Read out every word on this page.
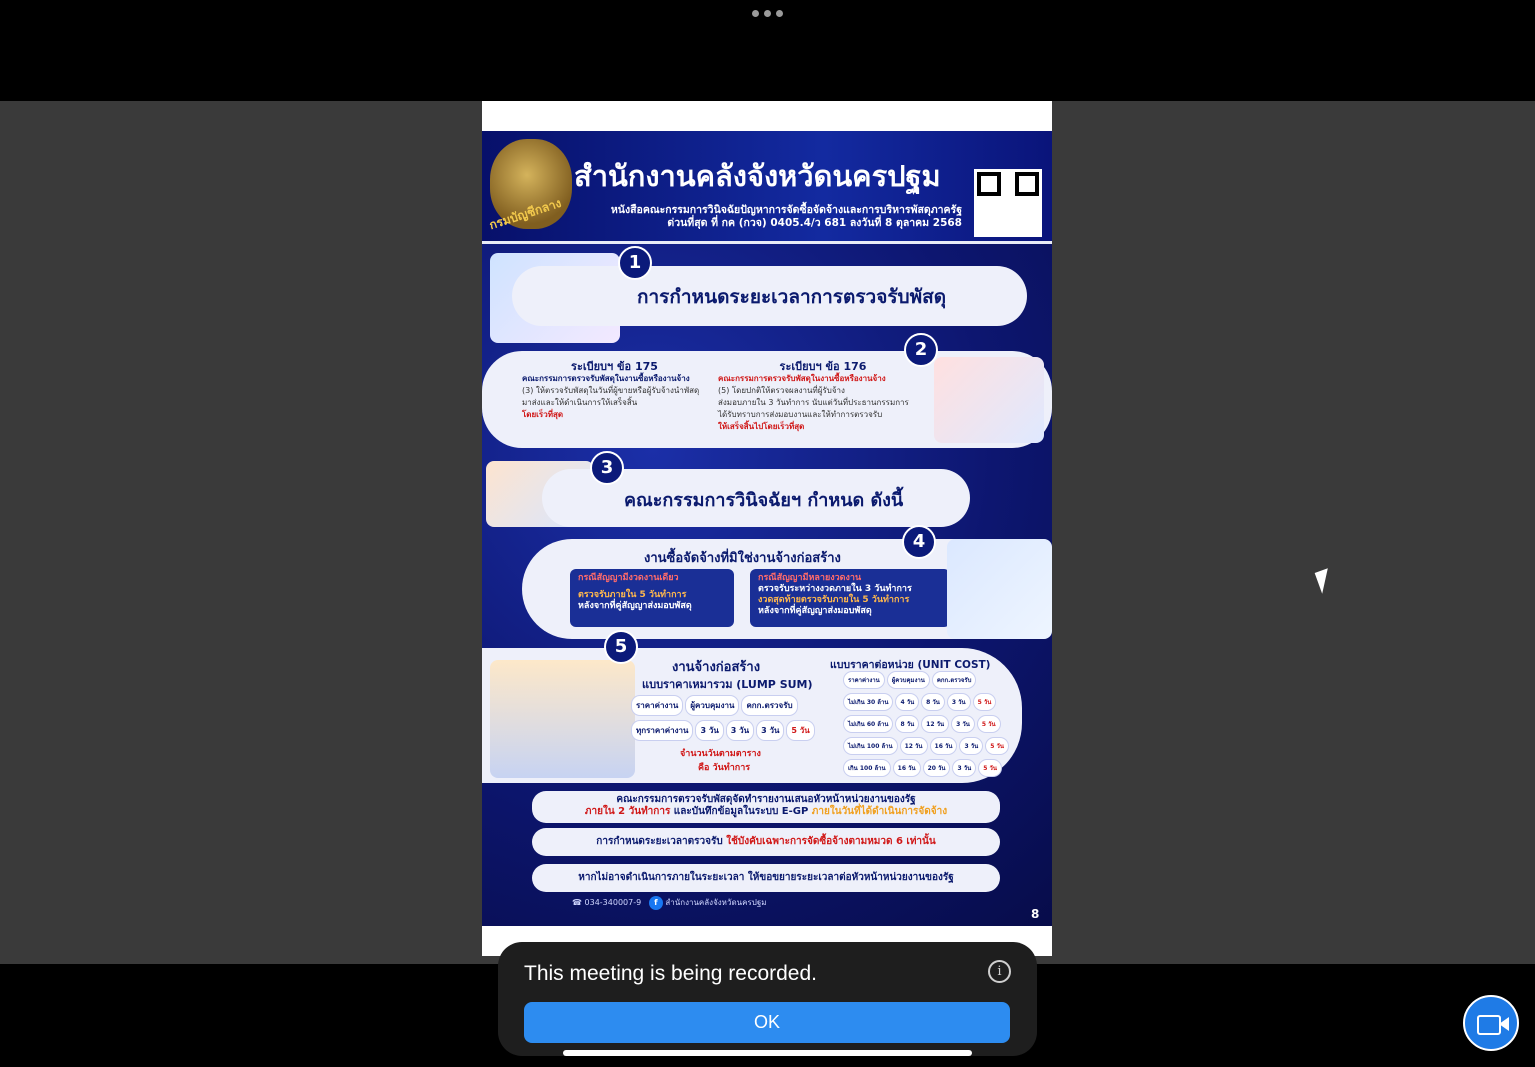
กรมบัญชีกลาง
สำนักงานคลังจังหวัดนครปฐม
หนังสือคณะกรรมการวินิจฉัยปัญหาการจัดซื้อจัดจ้างและการบริหารพัสดุภาครัฐ
ด่วนที่สุด ที่ กค (กวจ) 0405.4/ว 681 ลงวันที่ 8 ตุลาคม 2568
การกำหนดระยะเวลาการตรวจรับพัสดุ
1
ระเบียบฯ ข้อ 175
คณะกรรมการตรวจรับพัสดุในงานซื้อหรืองานจ้าง
(3) ให้ตรวจรับพัสดุในวันที่ผู้ขายหรือผู้รับจ้างนำพัสดุมาส่งและให้ดำเนินการให้เสร็จสิ้น
โดยเร็วที่สุด
ระเบียบฯ ข้อ 176
คณะกรรมการตรวจรับพัสดุในงานซื้อหรืองานจ้าง
(5) โดยปกติให้ตรวจผลงานที่ผู้รับจ้าง
ส่งมอบภายใน 3 วันทำการ นับแต่วันที่ประธานกรรมการ
ได้รับทราบการส่งมอบงานและให้ทำการตรวจรับ
ให้เสร็จสิ้นไปโดยเร็วที่สุด
2
คณะกรรมการวินิจฉัยฯ กำหนด ดังนี้
3
งานซื้อจัดจ้างที่มิใช่งานจ้างก่อสร้าง
กรณีสัญญามีงวดงานเดียว
ตรวจรับภายใน 5 วันทำการ
หลังจากที่คู่สัญญาส่งมอบพัสดุ
กรณีสัญญามีหลายงวดงาน
ตรวจรับระหว่างงวดภายใน 3 วันทำการ
งวดสุดท้ายตรวจรับภายใน 5 วันทำการ
หลังจากที่คู่สัญญาส่งมอบพัสดุ
4
งานจ้างก่อสร้าง
แบบราคาเหมารวม (LUMP SUM)
แบบราคาต่อหน่วย (UNIT COST)
ราคาค่างาน	ผู้ควบคุมงาน	คกก.ตรวจรับ
ทุกราคาค่างาน	3 วัน	3 วัน	3 วัน	5 วัน
จำนวนวันตามตาราง
คือ วันทำการ
ราคาค่างาน	ผู้ควบคุมงาน	คกก.ตรวจรับ
ไม่เกิน 30 ล้าน	4 วัน	8 วัน	3 วัน	5 วัน
ไม่เกิน 60 ล้าน	8 วัน	12 วัน	3 วัน	5 วัน
ไม่เกิน 100 ล้าน	12 วัน	16 วัน	3 วัน	5 วัน
เกิน 100 ล้าน	16 วัน	20 วัน	3 วัน	5 วัน
5
คณะกรรมการตรวจรับพัสดุจัดทำรายงานเสนอหัวหน้าหน่วยงานของรัฐ
ภายใน 2 วันทำการ และบันทึกข้อมูลในระบบ E-GP ภายในวันที่ได้ดำเนินการจัดจ้าง
การกำหนดระยะเวลาตรวจรับ ใช้บังคับเฉพาะการจัดซื้อจ้างตามหมวด 6 เท่านั้น
หากไม่อาจดำเนินการภายในระยะเวลา ให้ขอขยายระยะเวลาต่อหัวหน้าหน่วยงานของรัฐ
☎ 034-340007-9 f สำนักงานคลังจังหวัดนครปฐม
8
This meeting is being recorded.	i
OK
